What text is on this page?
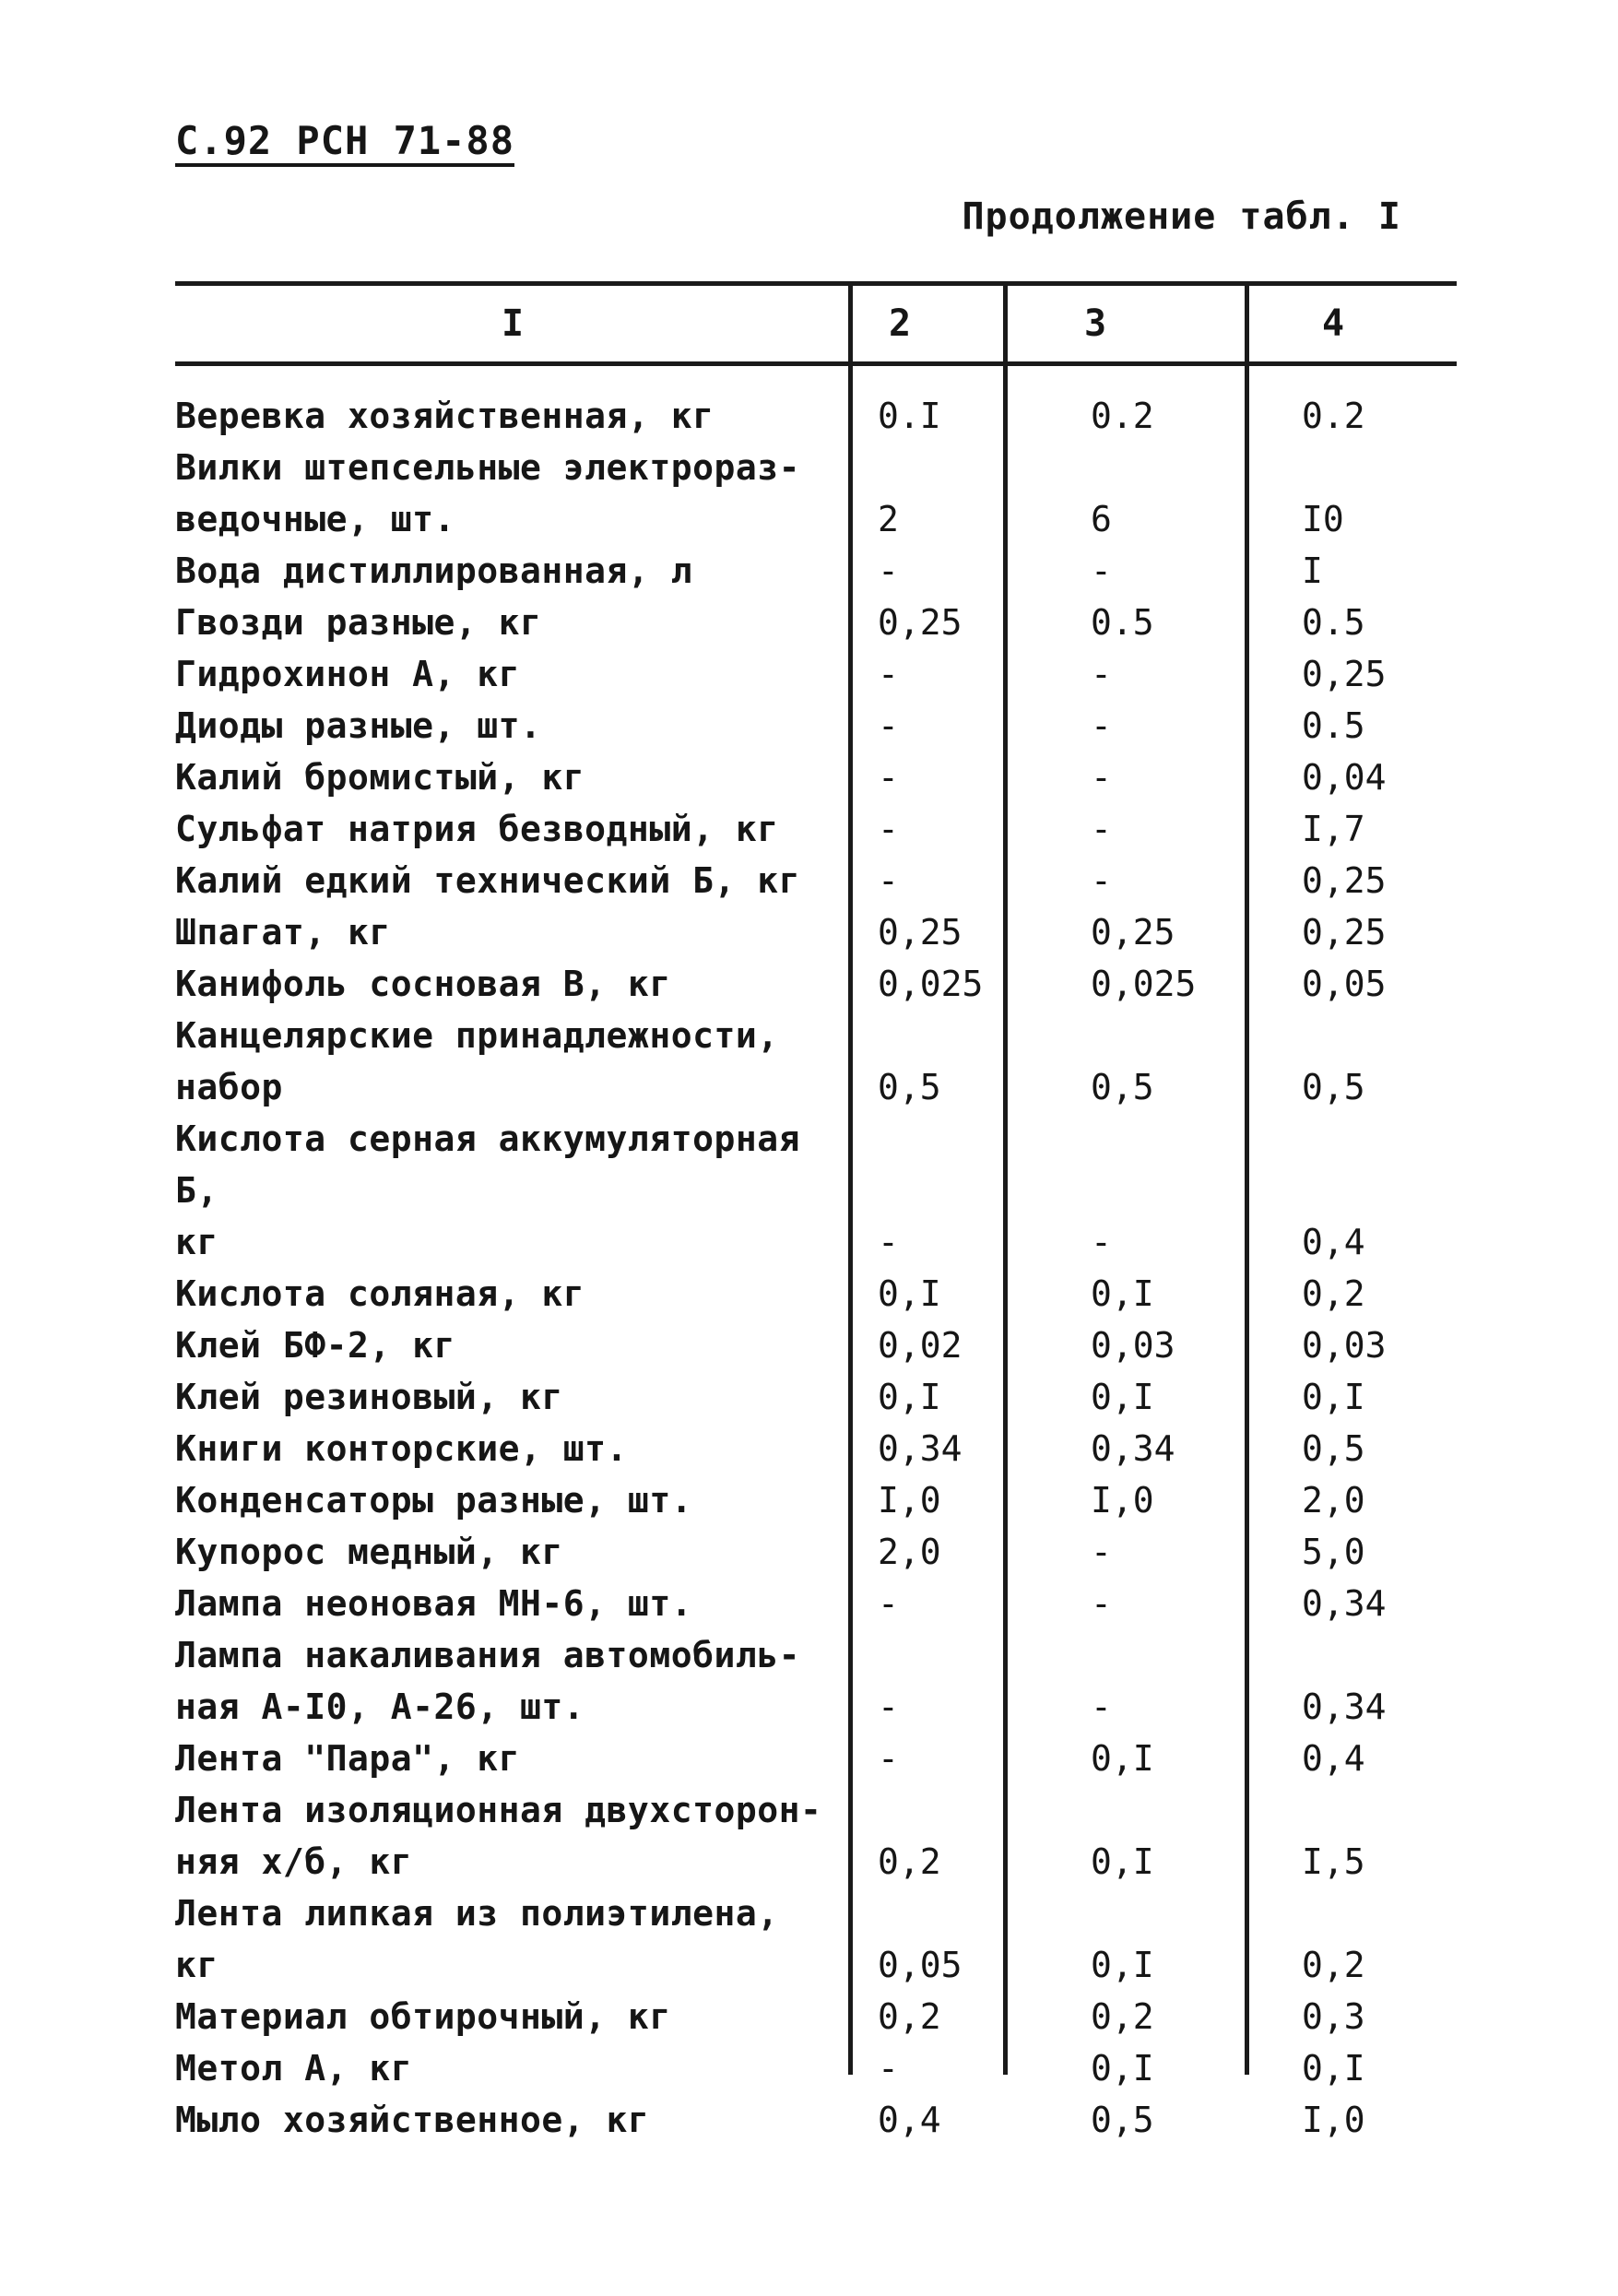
С.92 РСН 71-88
Продолжение табл. I
I	2	3	4
Веревка хозяйственная, кг	0.I	0.2	0.2
Вилки штепсельные электрораз-
ведочные, шт.	2	6	I0
Вода дистиллированная, л	-	-	I
Гвозди разные, кг	0,25	0.5	0.5
Гидрохинон А, кг	-	-	0,25
Диоды разные, шт.	-	-	0.5
Калий бромистый, кг	-	-	0,04
Сульфат натрия безводный, кг	-	-	I,7
Калий едкий технический Б, кг	-	-	0,25
Шпагат, кг	0,25	0,25	0,25
Канифоль сосновая В, кг	0,025	0,025	0,05
Канцелярские принадлежности,
набор	0,5	0,5	0,5
Кислота серная аккумуляторная Б,
кг	-	-	0,4
Кислота соляная, кг	0,I	0,I	0,2
Клей БФ-2, кг	0,02	0,03	0,03
Клей резиновый, кг	0,I	0,I	0,I
Книги конторские, шт.	0,34	0,34	0,5
Конденсаторы разные, шт.	I,0	I,0	2,0
Купорос медный, кг	2,0	-	5,0
Лампа неоновая МН-6, шт.	-	-	0,34
Лампа накаливания автомобиль-
ная А-I0, А-26, шт.	-	-	0,34
Лента "Пара", кг	-	0,I	0,4
Лента изоляционная двухсторон-
няя х/б, кг	0,2	0,I	I,5
Лента липкая из полиэтилена,
кг	0,05	0,I	0,2
Материал обтирочный, кг	0,2	0,2	0,3
Метол А, кг	-	0,I	0,I
Мыло хозяйственное, кг	0,4	0,5	I,0
